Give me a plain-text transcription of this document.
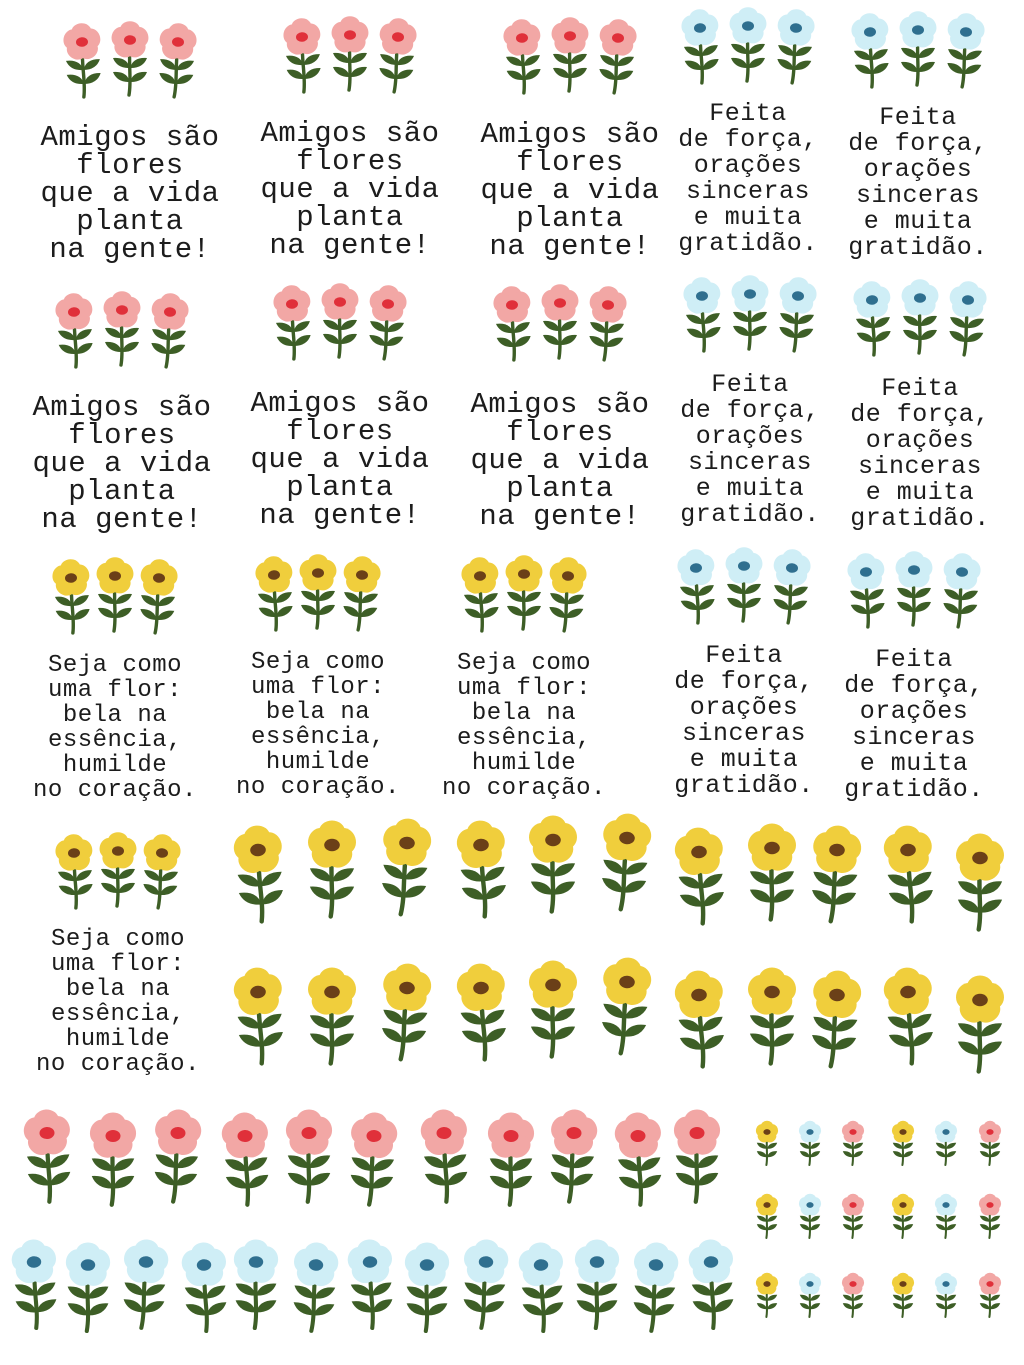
Amigos são
flores
que a vida
planta
na gente!
Amigos são
flores
que a vida
planta
na gente!
Amigos são
flores
que a vida
planta
na gente!
Feita
de força,
orações
sinceras
e muita
gratidão.
Feita
de força,
orações
sinceras
e muita
gratidão.
Amigos são
flores
que a vida
planta
na gente!
Amigos são
flores
que a vida
planta
na gente!
Amigos são
flores
que a vida
planta
na gente!
Feita
de força,
orações
sinceras
e muita
gratidão.
Feita
de força,
orações
sinceras
e muita
gratidão.
Seja como
uma flor:
bela na
essência,
humilde
no coração.
Seja como
uma flor:
bela na
essência,
humilde
no coração.
Seja como
uma flor:
bela na
essência,
humilde
no coração.
Feita
de força,
orações
sinceras
e muita
gratidão.
Feita
de força,
orações
sinceras
e muita
gratidão.
Seja como
uma flor:
bela na
essência,
humilde
no coração.
